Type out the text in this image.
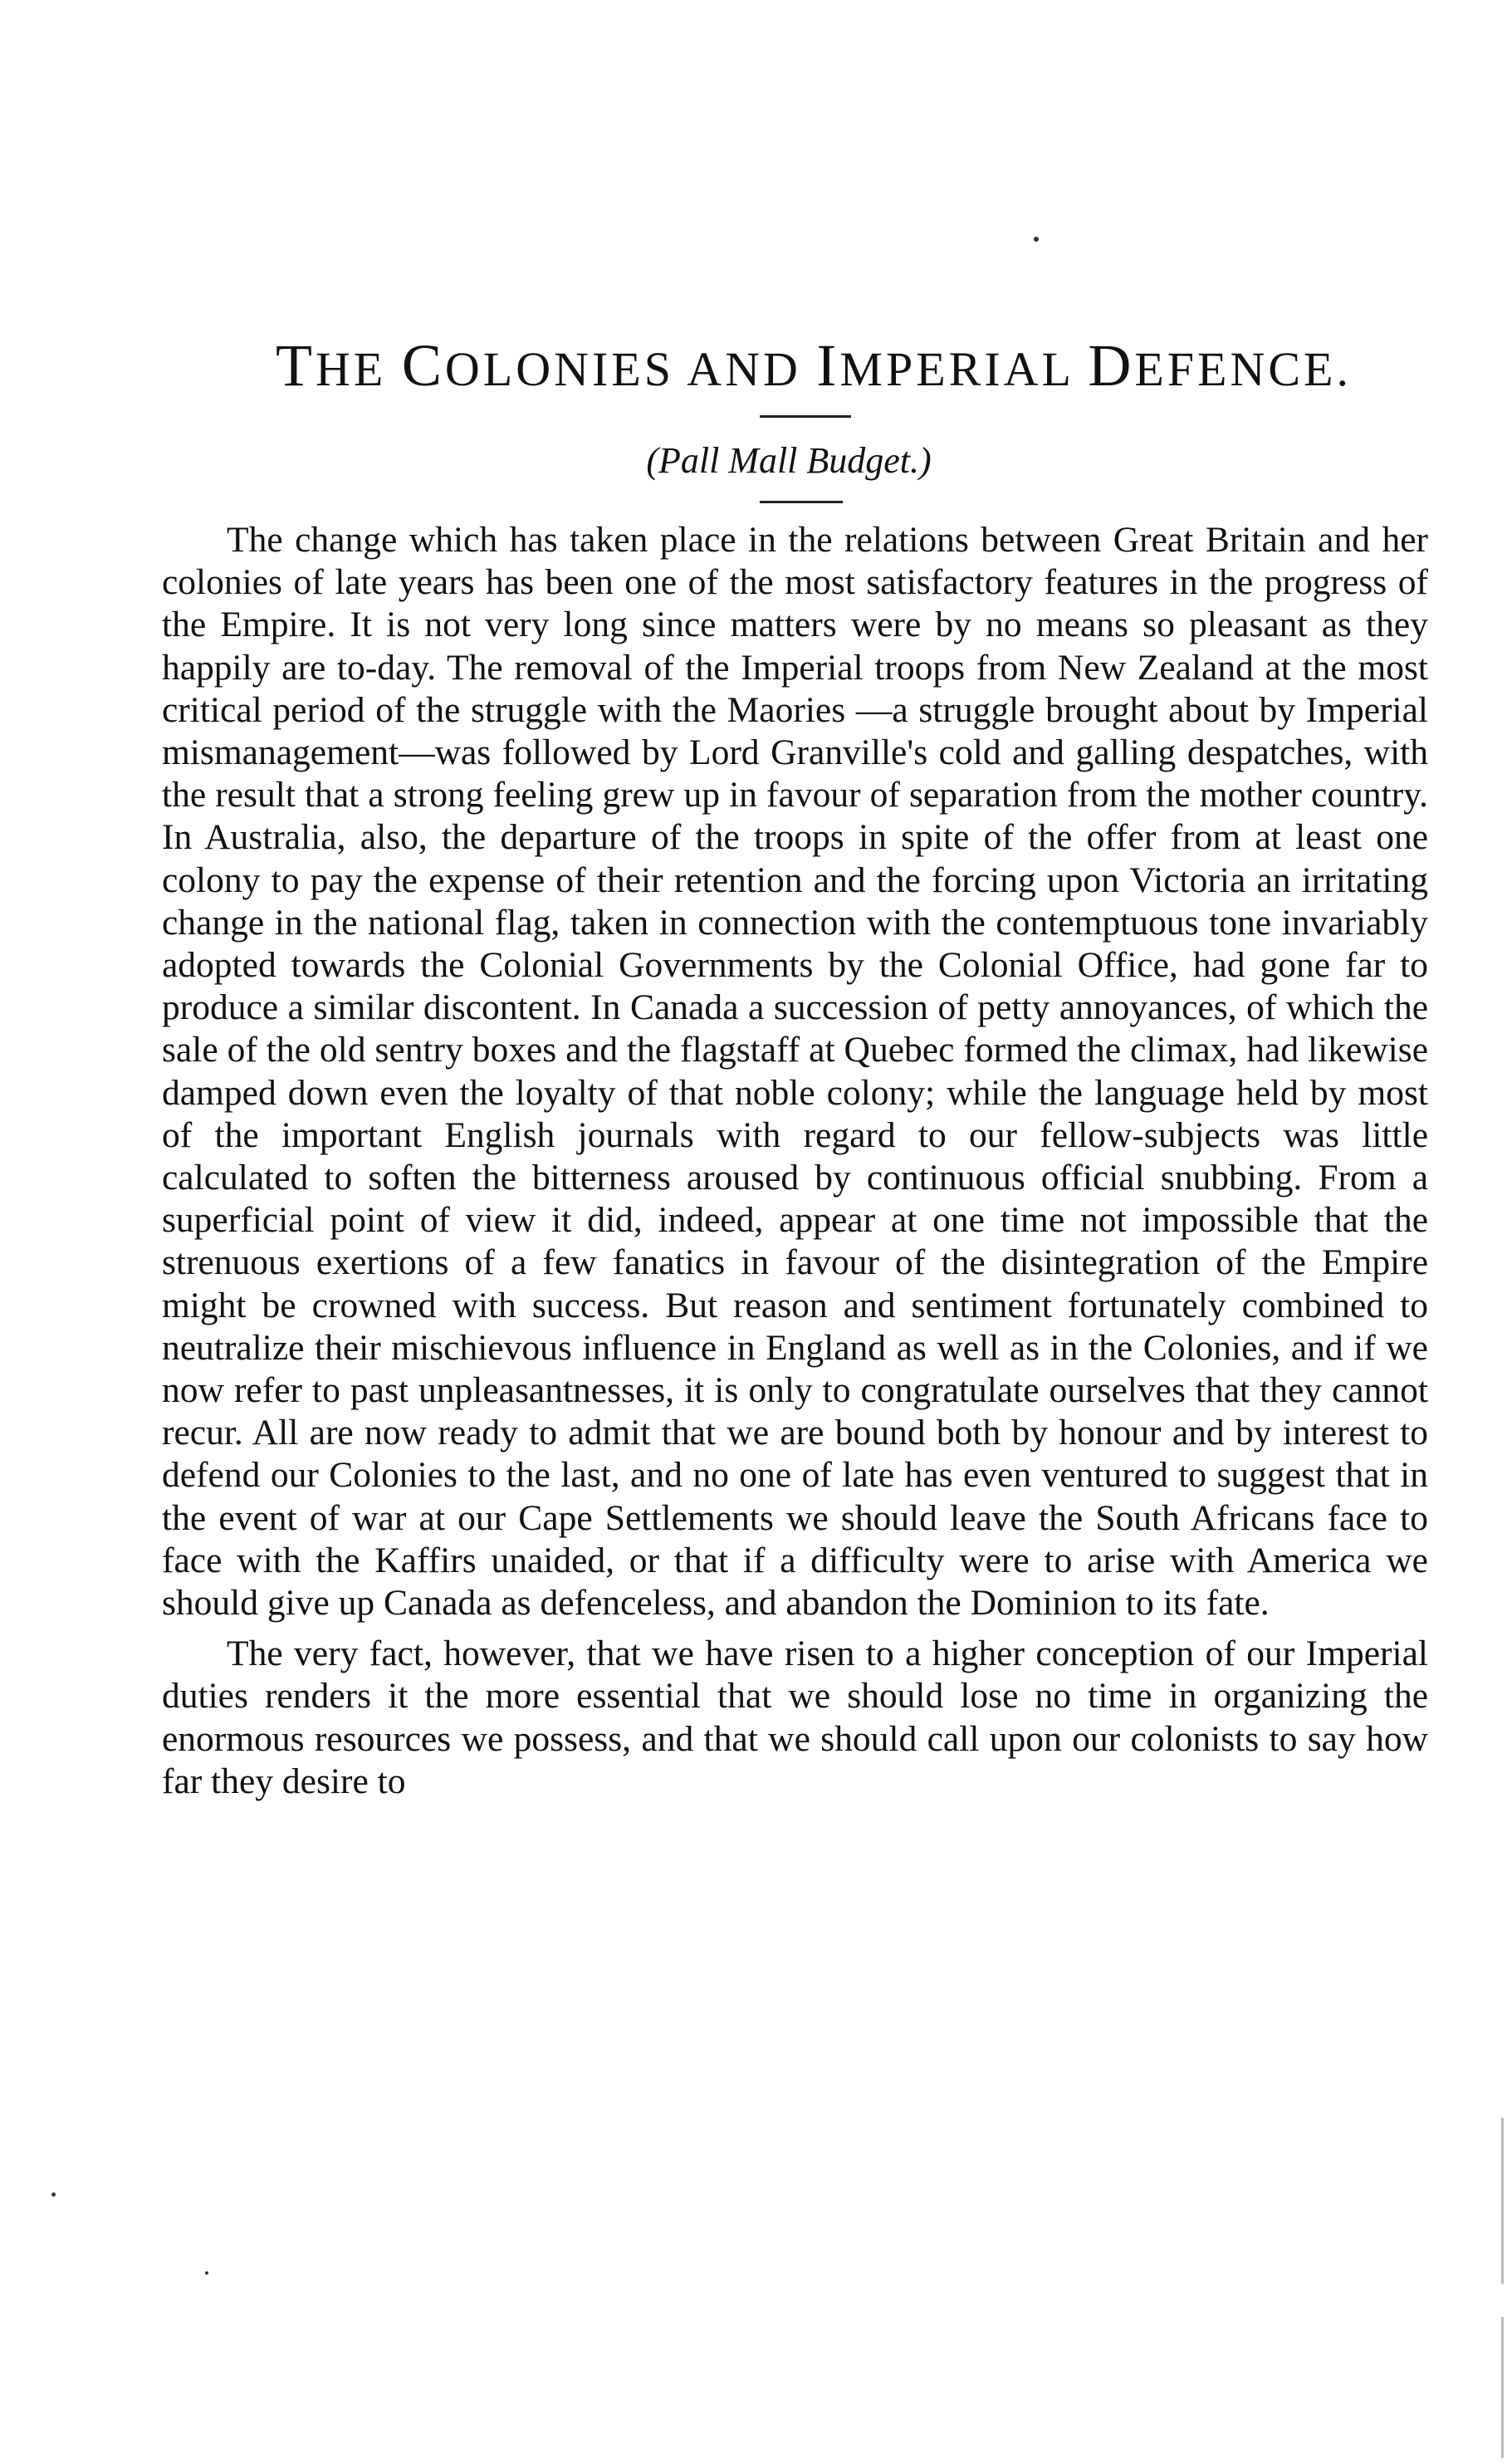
THE COLONIES AND IMPERIAL DEFENCE.

(Pall Mall Budget.)

The change which has taken place in the relations between Great Britain and her colonies of late years has been one of the most satisfactory features in the progress of the Empire. It is not very long since matters were by no means so pleasant as they happily are to-day. The removal of the Imperial troops from New Zealand at the most critical period of the struggle with the Maories —a struggle brought about by Imperial mismanagement—was followed by Lord Granville's cold and galling despatches, with the result that a strong feeling grew up in favour of separation from the mother country. In Australia, also, the departure of the troops in spite of the offer from at least one colony to pay the expense of their retention and the forcing upon Victoria an irritating change in the national flag, taken in connection with the contemptuous tone invariably adopted towards the Colonial Governments by the Colonial Office, had gone far to produce a similar discontent. In Canada a succession of petty annoyances, of which the sale of the old sentry boxes and the flagstaff at Quebec formed the climax, had likewise damped down even the loyalty of that noble colony; while the language held by most of the important English journals with regard to our fellow-subjects was little calculated to soften the bitterness aroused by continuous official snubbing. From a superficial point of view it did, indeed, appear at one time not impossible that the strenuous exertions of a few fanatics in favour of the disintegration of the Empire might be crowned with success. But reason and sentiment fortunately combined to neutralize their mischievous influence in England as well as in the Colonies, and if we now refer to past unpleasantnesses, it is only to congratulate ourselves that they cannot recur. All are now ready to admit that we are bound both by honour and by interest to defend our Colonies to the last, and no one of late has even ventured to suggest that in the event of war at our Cape Settlements we should leave the South Africans face to face with the Kaffirs unaided, or that if a difficulty were to arise with America we should give up Canada as defenceless, and abandon the Dominion to its fate.

The very fact, however, that we have risen to a higher conception of our Imperial duties renders it the more essential that we should lose no time in organizing the enormous resources we possess, and that we should call upon our colonists to say how far they desire to
